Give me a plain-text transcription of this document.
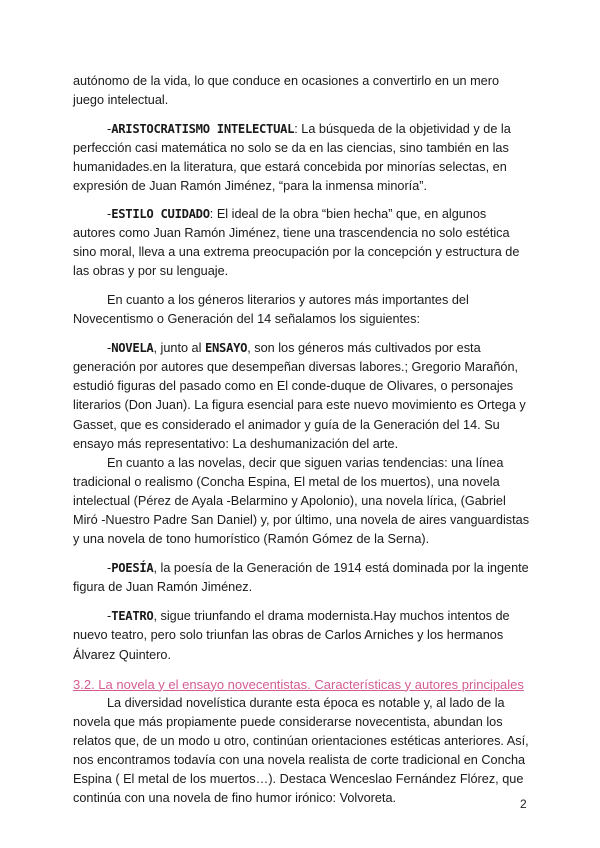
autónomo de la vida, lo que conduce en ocasiones a convertirlo en un mero juego intelectual.

-ARISTOCRATISMO INTELECTUAL: La búsqueda de la objetividad y de la perfección casi matemática no solo se da en las ciencias, sino también en las humanidades.en la literatura, que estará concebida por minorías selectas, en expresión de Juan Ramón Jiménez, “para la inmensa minoría”.

-ESTILO CUIDADO: El ideal de la obra “bien hecha” que, en algunos autores como Juan Ramón Jiménez, tiene una trascendencia no solo estética sino moral, lleva a una extrema preocupación por la concepción y estructura de las obras y por su lenguaje.

En cuanto a los géneros literarios y autores más importantes del Novecentismo o Generación del 14 señalamos los siguientes:

-NOVELA, junto al ENSAYO, son los géneros más cultivados por esta generación por autores que desempeñan diversas labores.; Gregorio Marañón, estudió figuras del pasado como en El conde-duque de Olivares, o personajes literarios (Don Juan). La figura esencial para este nuevo movimiento es Ortega y Gasset, que es considerado el animador y guía de la Generación del 14. Su ensayo más representativo: La deshumanización del arte.

En cuanto a las novelas, decir que siguen varias tendencias: una línea tradicional o realismo (Concha Espina, El metal de los muertos), una novela intelectual (Pérez de Ayala -Belarmino y Apolonio), una novela lírica, (Gabriel Miró -Nuestro Padre San Daniel) y, por último, una novela de aires vanguardistas y una novela de tono humorístico (Ramón Gómez de la Serna).

-POESÍA, la poesía de la Generación de 1914 está dominada por la ingente figura de Juan Ramón Jiménez.

-TEATRO, sigue triunfando el drama modernista.Hay muchos intentos de nuevo teatro, pero solo triunfan las obras de Carlos Arniches y los hermanos Álvarez Quintero.

3.2. La novela y el ensayo novecentistas. Características y autores principales

La diversidad novelística durante esta época es notable y, al lado de la novela que más propiamente puede considerarse novecentista, abundan los relatos que, de un modo u otro, continúan orientaciones estéticas anteriores. Así, nos encontramos todavía con una novela realista de corte tradicional en Concha Espina ( El metal de los muertos…). Destaca Wenceslao Fernández Flórez, que continúa con una novela de fino humor irónico: Volvoreta.	2
